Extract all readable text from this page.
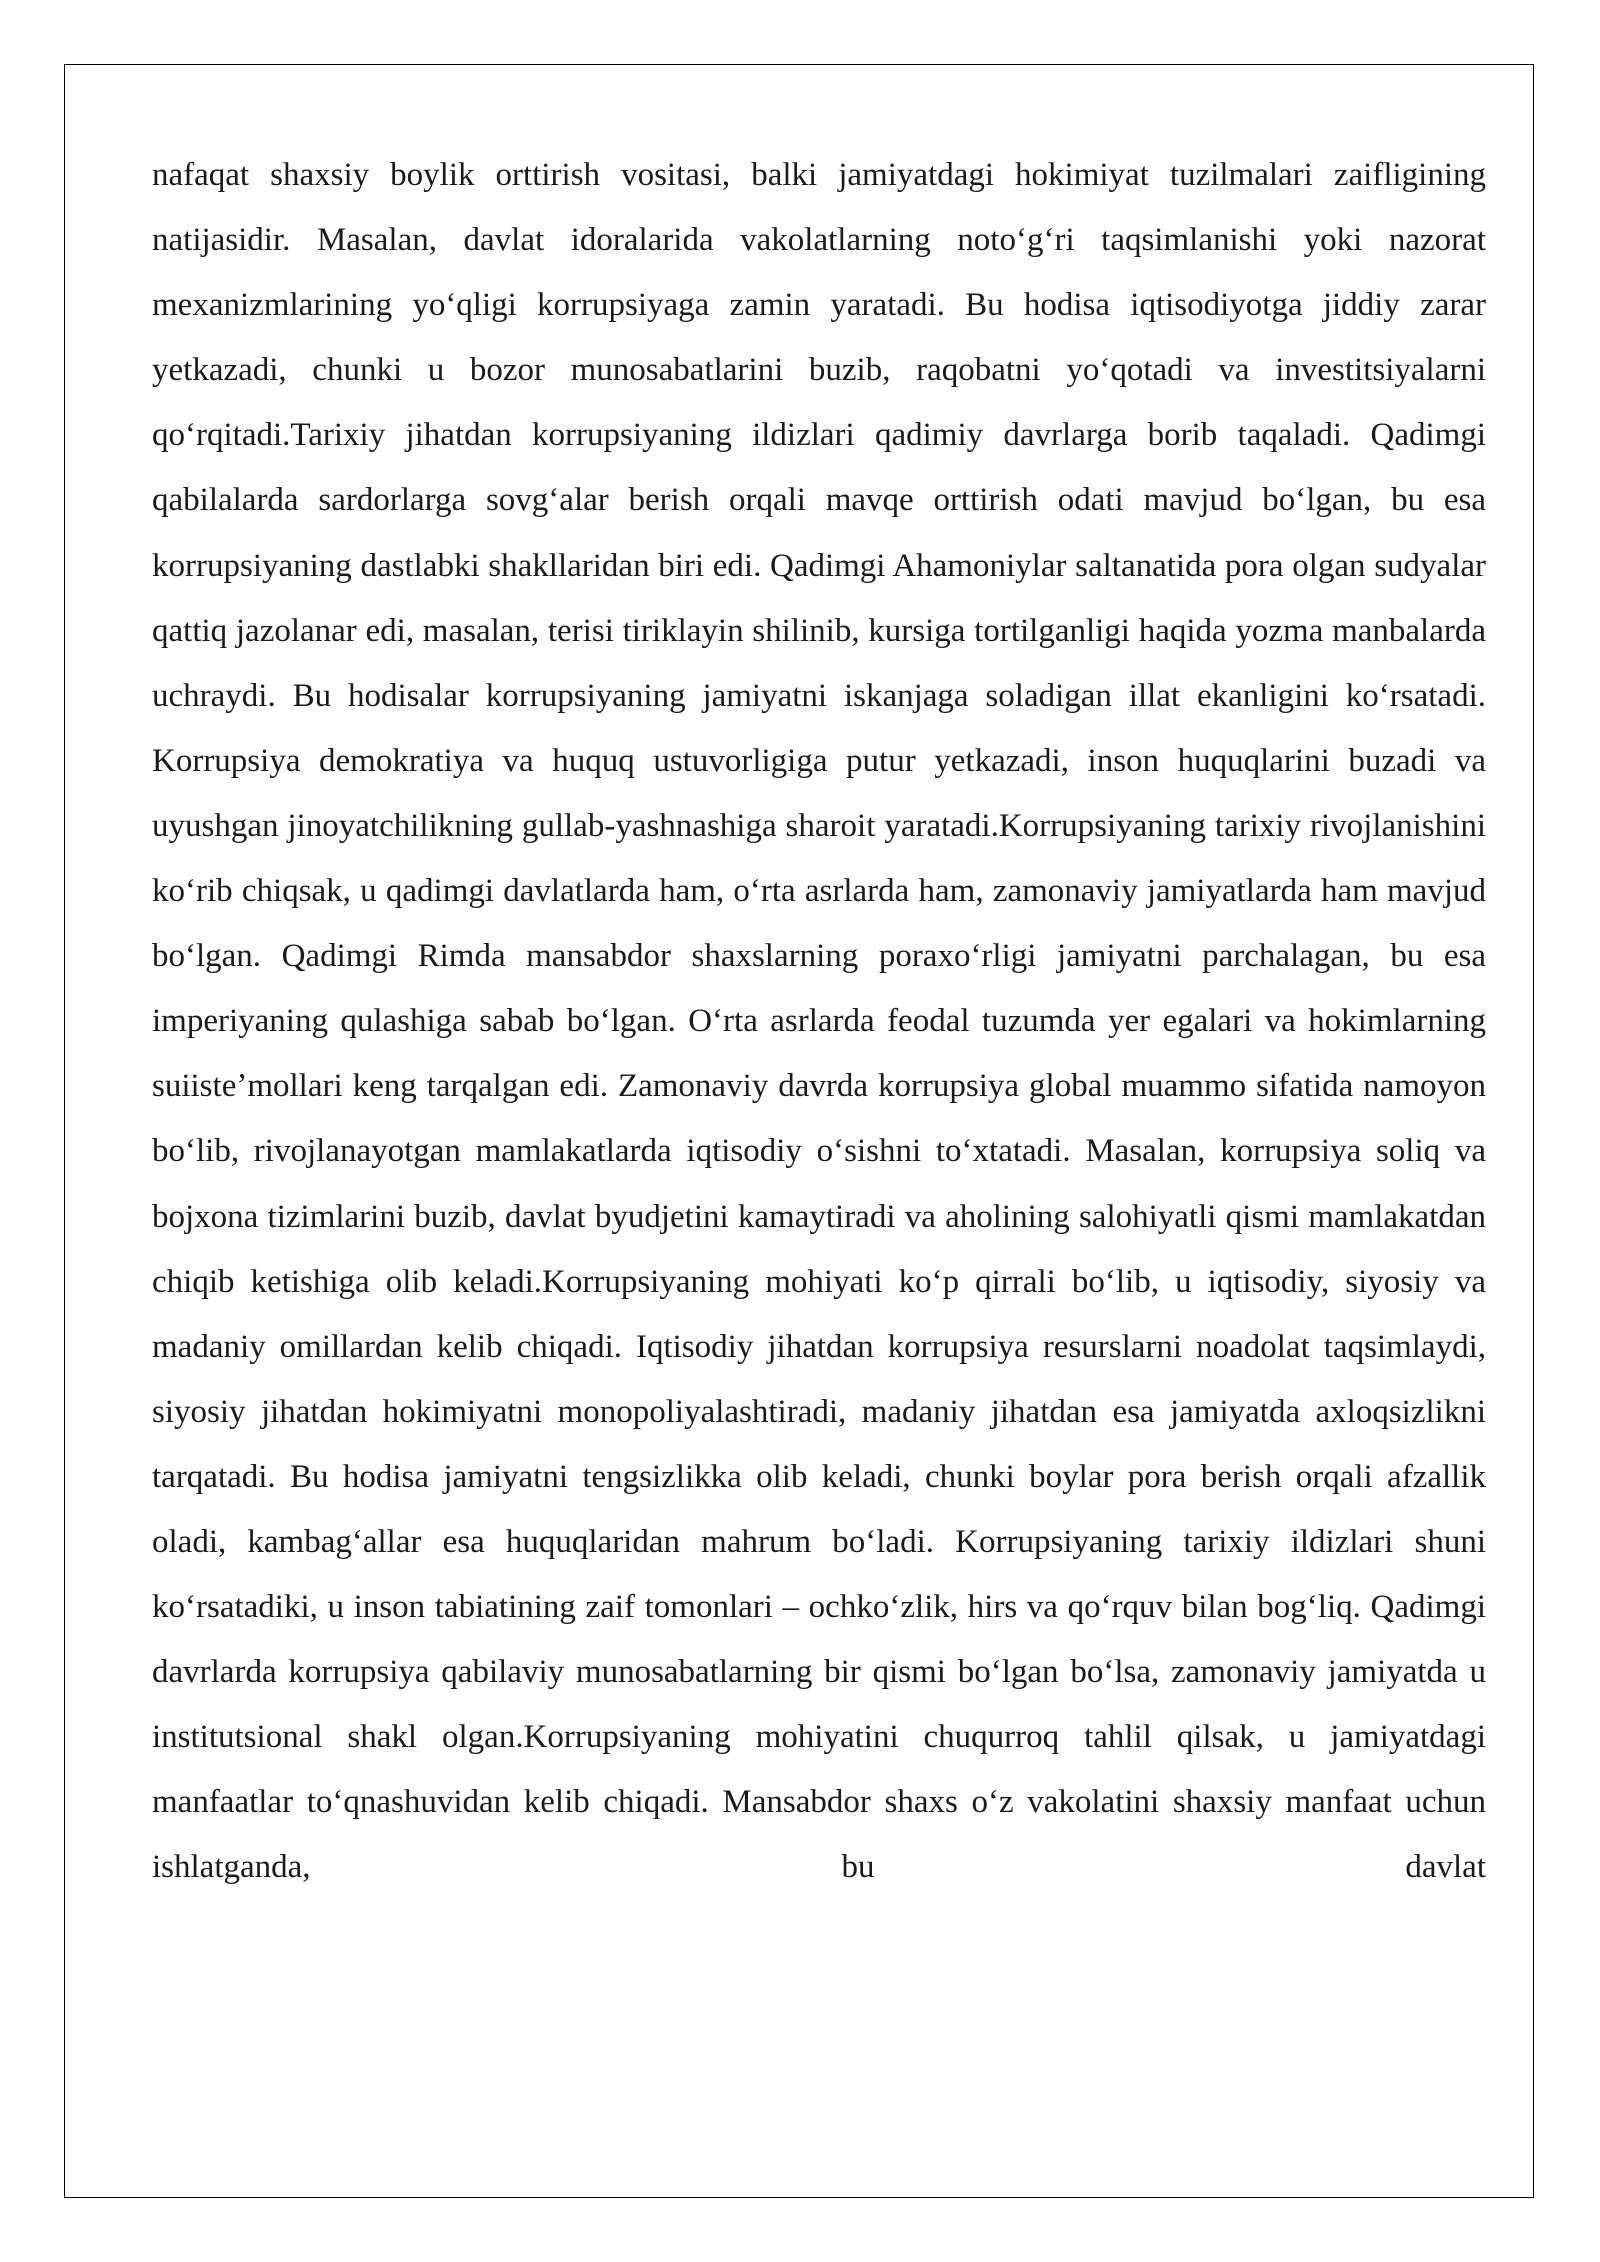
nafaqat shaxsiy boylik orttirish vositasi, balki jamiyatdagi hokimiyat tuzilmalari zaifligining natijasidir. Masalan, davlat idoralarida vakolatlarning notoʻgʻri taqsimlanishi yoki nazorat mexanizmlarining yoʻqligi korrupsiyaga zamin yaratadi. Bu hodisa iqtisodiyotga jiddiy zarar yetkazadi, chunki u bozor munosabatlarini buzib, raqobatni yoʻqotadi va investitsiyalarni qoʻrqitadi.Tarixiy jihatdan korrupsiyaning ildizlari qadimiy davrlarga borib taqaladi. Qadimgi qabilalarda sardorlarga sovgʻalar berish orqali mavqe orttirish odati mavjud boʻlgan, bu esa korrupsiyaning dastlabki shakllaridan biri edi. Qadimgi Ahamoniylar saltanatida pora olgan sudyalar qattiq jazolanar edi, masalan, terisi tiriklayin shilinib, kursiga tortilganligi haqida yozma manbalarda uchraydi. Bu hodisalar korrupsiyaning jamiyatni iskanjaga soladigan illat ekanligini koʻrsatadi. Korrupsiya demokratiya va huquq ustuvorligiga putur yetkazadi, inson huquqlarini buzadi va uyushgan jinoyatchilikning gullab-yashnashiga sharoit yaratadi.Korrupsiyaning tarixiy rivojlanishini koʻrib chiqsak, u qadimgi davlatlarda ham, oʻrta asrlarda ham, zamonaviy jamiyatlarda ham mavjud boʻlgan. Qadimgi Rimda mansabdor shaxslarning poraxoʻrligi jamiyatni parchalagan, bu esa imperiyaning qulashiga sabab boʻlgan. Oʻrta asrlarda feodal tuzumda yer egalari va hokimlarning suiisteʼmollari keng tarqalgan edi. Zamonaviy davrda korrupsiya global muammo sifatida namoyon boʻlib, rivojlanayotgan mamlakatlarda iqtisodiy oʻsishni toʻxtatadi. Masalan, korrupsiya soliq va bojxona tizimlarini buzib, davlat byudjetini kamaytiradi va aholining salohiyatli qismi mamlakatdan chiqib ketishiga olib keladi.Korrupsiyaning mohiyati koʻp qirrali boʻlib, u iqtisodiy, siyosiy va madaniy omillardan kelib chiqadi. Iqtisodiy jihatdan korrupsiya resurslarni noadolat taqsimlaydi, siyosiy jihatdan hokimiyatni monopoliyalashtiradi, madaniy jihatdan esa jamiyatda axloqsizlikni tarqatadi. Bu hodisa jamiyatni tengsizlikka olib keladi, chunki boylar pora berish orqali afzallik oladi, kambagʻallar esa huquqlaridan mahrum boʻladi. Korrupsiyaning tarixiy ildizlari shuni koʻrsatadiki, u inson tabiatining zaif tomonlari – ochkoʻzlik, hirs va qoʻrquv bilan bogʻliq. Qadimgi davrlarda korrupsiya qabilaviy munosabatlarning bir qismi boʻlgan boʻlsa, zamonaviy jamiyatda u institutsional shakl olgan.Korrupsiyaning mohiyatini chuqurroq tahlil qilsak, u jamiyatdagi manfaatlar toʻqnashuvidan kelib chiqadi. Mansabdor shaxs oʻz vakolatini shaxsiy manfaat uchun ishlatganda, bu davlat
